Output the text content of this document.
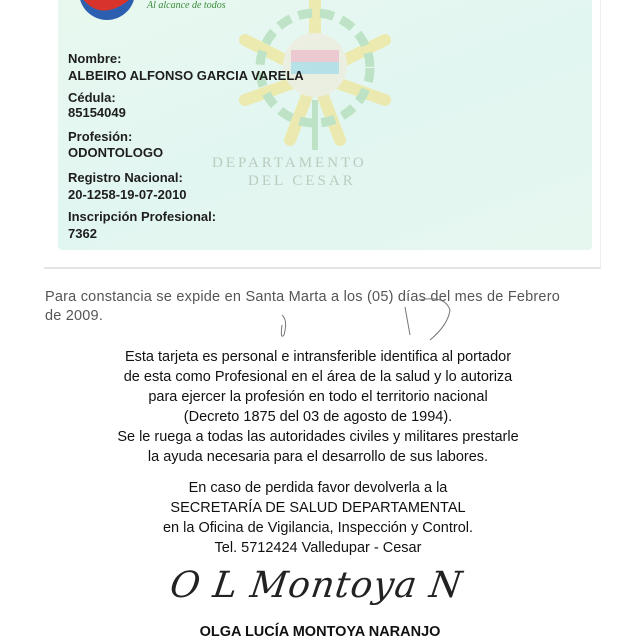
Al alcance de todos
DEPARTAMENTO
DEL CESAR
Nombre:
ALBEIRO ALFONSO GARCIA VARELA
Cédula:
85154049
Profesión:
ODONTOLOGO
Registro Nacional:
20-1258-19-07-2010
Inscripción Profesional:
7362
Para constancia se expide en Santa Marta a los (05) días del mes de Febrero de 2009.
Esta tarjeta es personal e intransferible identifica al portador
de esta como Profesional en el área de la salud y lo autoriza
para ejercer la profesión en todo el territorio nacional
(Decreto 1875 del 03 de agosto de 1994).
Se le ruega a todas las autoridades civiles y militares prestarle
la ayuda necesaria para el desarrollo de sus labores.
En caso de perdida favor devolverla a la
SECRETARÍA DE SALUD DEPARTAMENTAL
en la Oficina de Vigilancia, Inspección y Control.
Tel. 5712424 Valledupar - Cesar
O L Montoya N
OLGA LUCÍA MONTOYA NARANJO
